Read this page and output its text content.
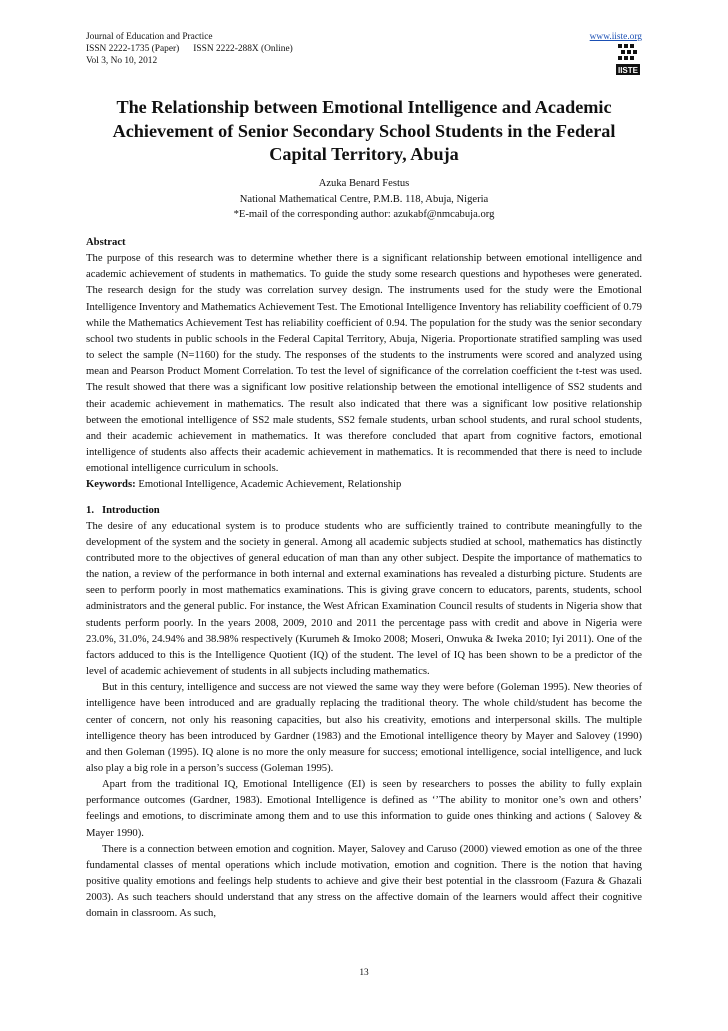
Journal of Education and Practice
ISSN 2222-1735 (Paper)      ISSN 2222-288X (Online)
Vol 3, No 10, 2012
www.iiste.org
IISTE
The Relationship between Emotional Intelligence and Academic Achievement of Senior Secondary School Students in the Federal Capital Territory, Abuja
Azuka Benard Festus
National Mathematical Centre, P.M.B. 118, Abuja, Nigeria
*E-mail of the corresponding author: azukabf@nmcabuja.org
Abstract

The purpose of this research was to determine whether there is a significant relationship between emotional intelligence and academic achievement of students in mathematics. To guide the study some research questions and hypotheses were generated. The research design for the study was correlation survey design. The instruments used for the study were the Emotional Intelligence Inventory and Mathematics Achievement Test. The Emotional Intelligence Inventory has reliability coefficient of 0.79 while the Mathematics Achievement Test has reliability coefficient of 0.94. The population for the study was the senior secondary school two students in public schools in the Federal Capital Territory, Abuja, Nigeria. Proportionate stratified sampling was used to select the sample (N=1160) for the study. The responses of the students to the instruments were scored and analyzed using mean and Pearson Product Moment Correlation. To test the level of significance of the correlation coefficient the t-test was used. The result showed that there was a significant low positive relationship between the emotional intelligence of SS2 students and their academic achievement in mathematics. The result also indicated that there was a significant low positive relationship between the emotional intelligence of SS2 male students, SS2 female students, urban school students, and rural school students, and their academic achievement in mathematics. It was therefore concluded that apart from cognitive factors, emotional intelligence of students also affects their academic achievement in mathematics. It is recommended that there is need to include emotional intelligence curriculum in schools.

Keywords: Emotional Intelligence, Academic Achievement, Relationship

1.   Introduction

The desire of any educational system is to produce students who are sufficiently trained to contribute meaningfully to the development of the system and the society in general. Among all academic subjects studied at school, mathematics has distinctly contributed more to the objectives of general education of man than any other subject. Despite the importance of mathematics to the nation, a review of the performance in both internal and external examinations has revealed a disturbing picture. Students are seen to perform poorly in most mathematics examinations. This is giving grave concern to educators, parents, students, school administrators and the general public. For instance, the West African Examination Council results of students in Nigeria show that students perform poorly. In the years 2008, 2009, 2010 and 2011 the percentage pass with credit and above in Nigeria were 23.0%, 31.0%, 24.94% and 38.98% respectively (Kurumeh & Imoko 2008; Moseri, Onwuka & Iweka 2010; Iyi 2011). One of the factors adduced to this is the Intelligence Quotient (IQ) of the student. The level of IQ has been shown to be a predictor of the level of academic achievement of students in all subjects including mathematics.

But in this century, intelligence and success are not viewed the same way they were before (Goleman 1995). New theories of intelligence have been introduced and are gradually replacing the traditional theory. The whole child/student has become the center of concern, not only his reasoning capacities, but also his creativity, emotions and interpersonal skills. The multiple intelligence theory has been introduced by Gardner (1983) and the Emotional intelligence theory by Mayer and Salovey (1990) and then Goleman (1995). IQ alone is no more the only measure for success; emotional intelligence, social intelligence, and luck also play a big role in a person’s success (Goleman 1995).

Apart from the traditional IQ, Emotional Intelligence (EI) is seen by researchers to posses the ability to fully explain performance outcomes (Gardner, 1983). Emotional Intelligence is defined as ‘’The ability to monitor one’s own and others’ feelings and emotions, to discriminate among them and to use this information to guide ones thinking and actions ( Salovey & Mayer 1990).

There is a connection between emotion and cognition. Mayer, Salovey and Caruso (2000) viewed emotion as one of the three fundamental classes of mental operations which include motivation, emotion and cognition. There is the notion that having positive quality emotions and feelings help students to achieve and give their best potential in the classroom (Fazura & Ghazali 2003). As such teachers should understand that any stress on the affective domain of the learners would affect their cognitive domain in classroom. As such,

13
